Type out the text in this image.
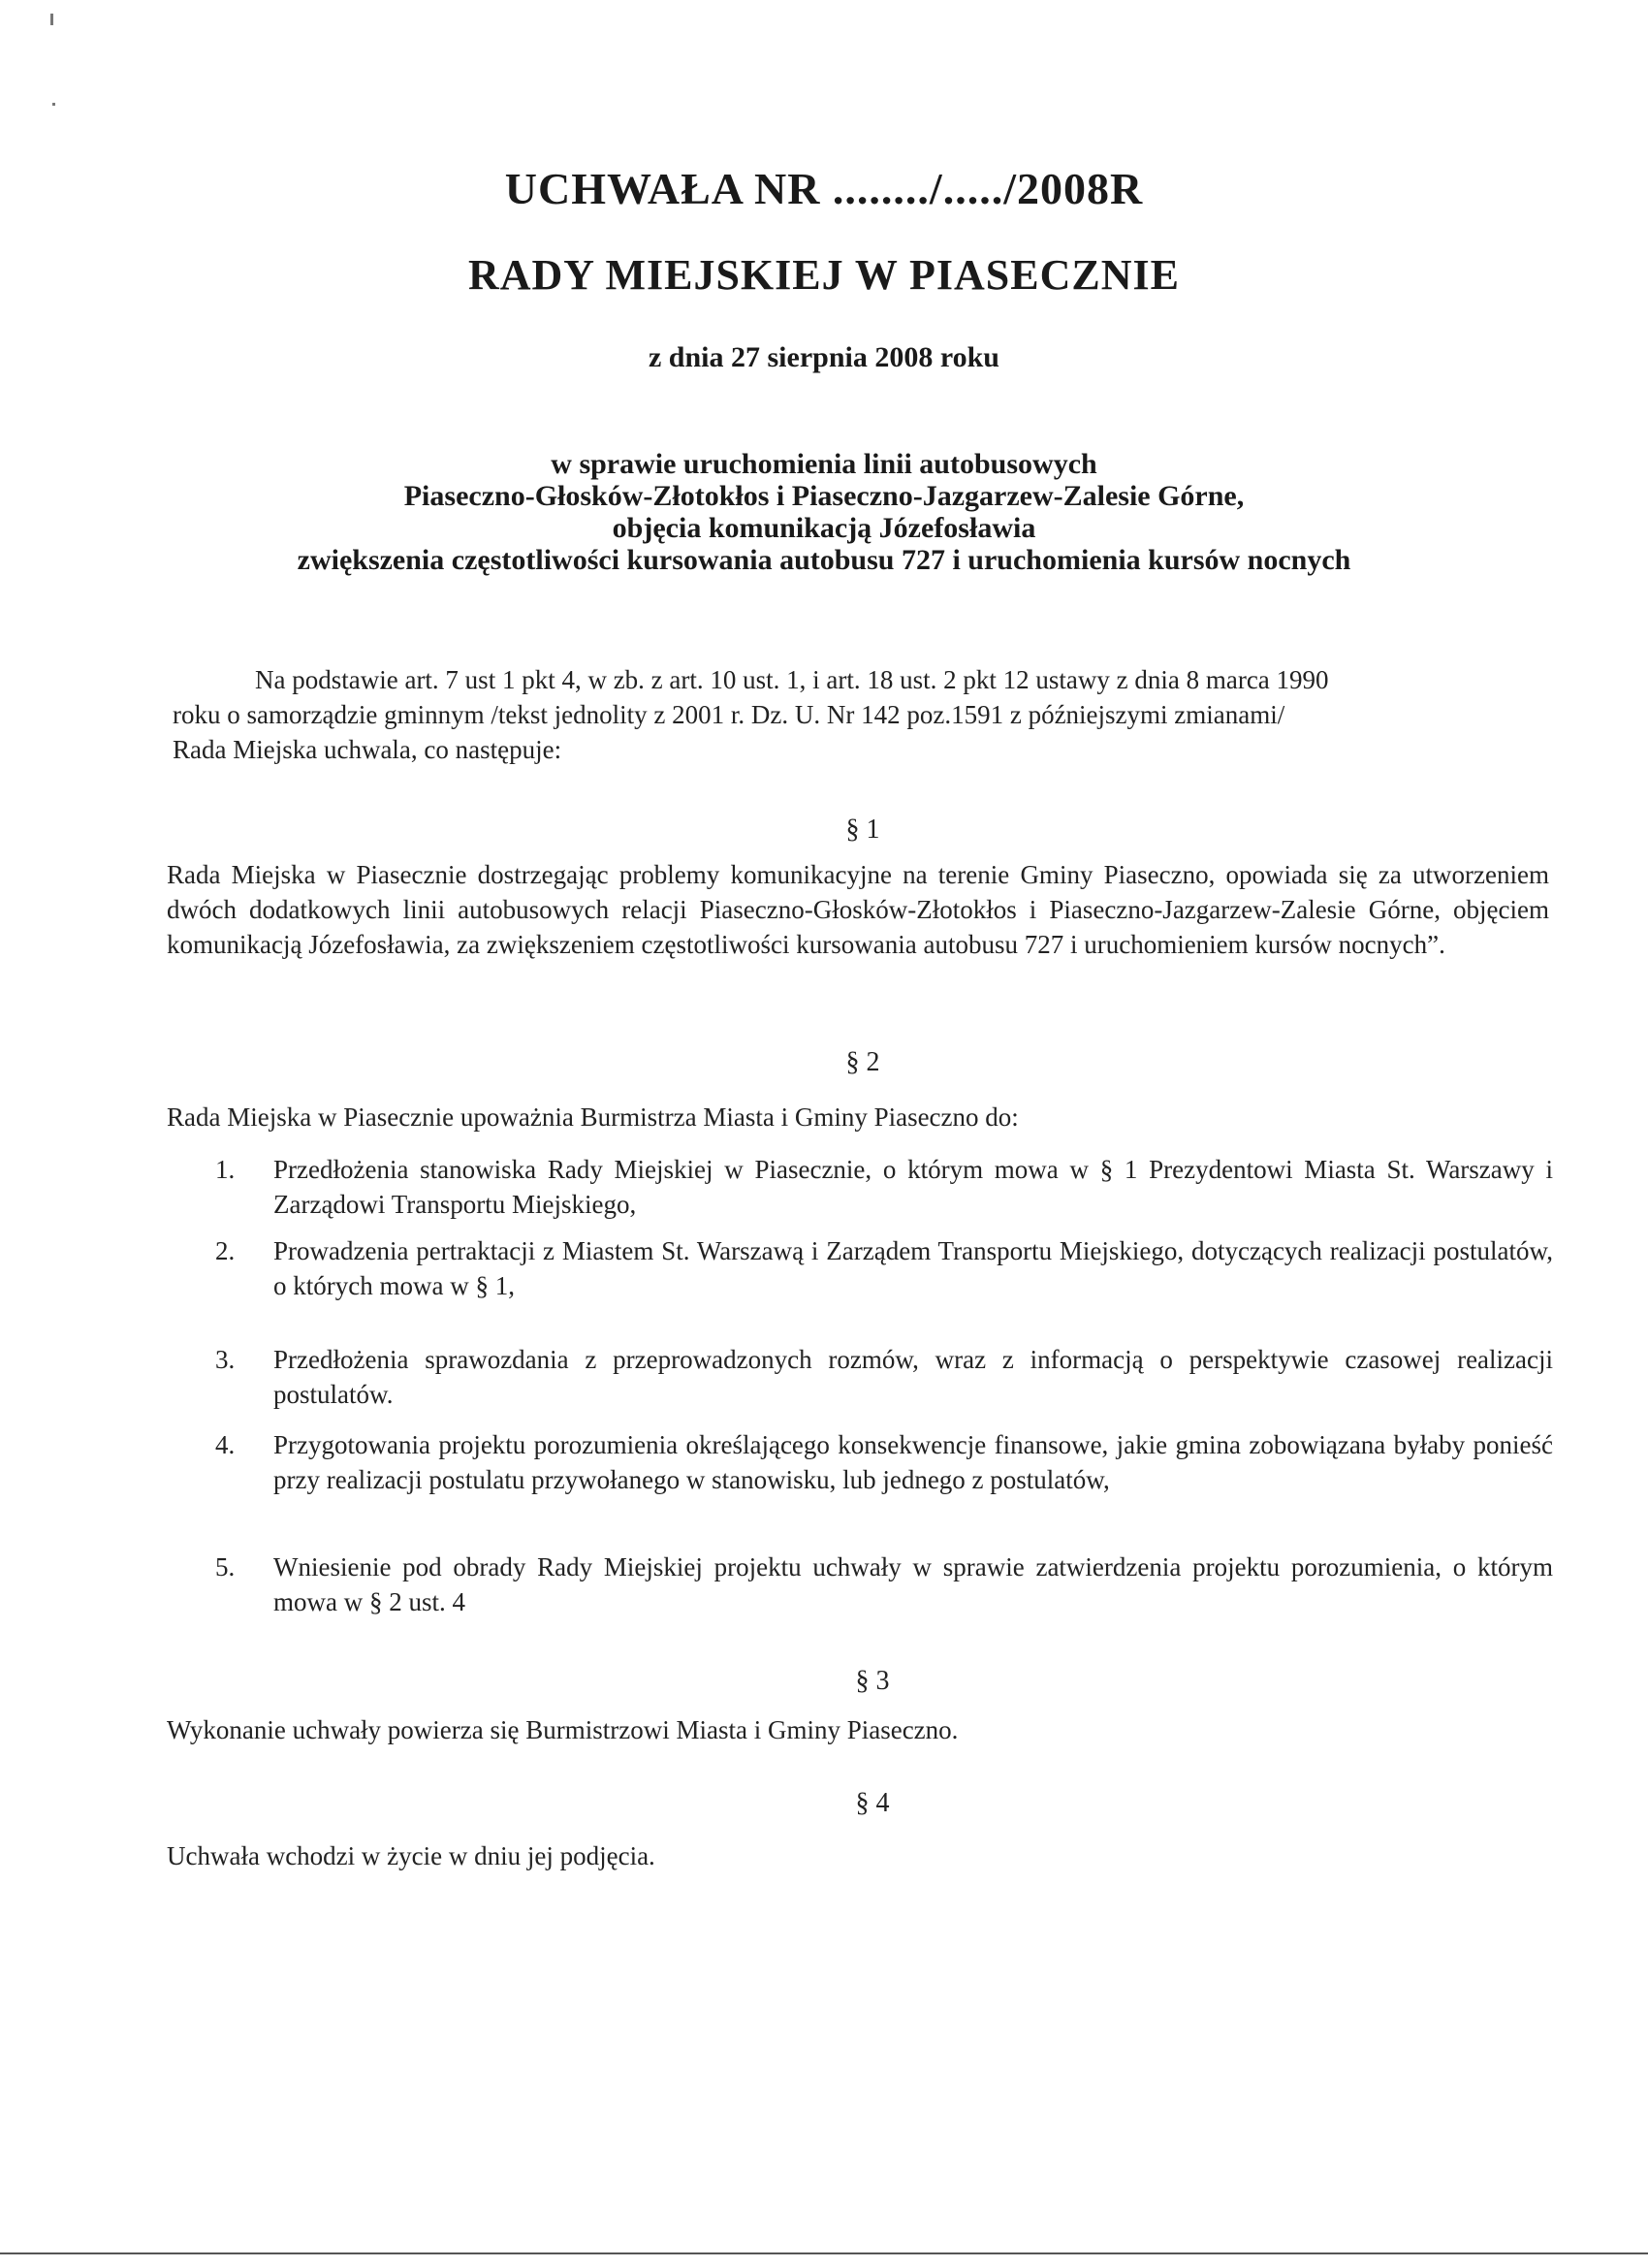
UCHWAŁA NR ......../...../2008R
RADY MIEJSKIEJ W PIASECZNIE
z dnia 27 sierpnia 2008 roku
w sprawie uruchomienia linii autobusowych
Piaseczno-Głosków-Złotokłos i Piaseczno-Jazgarzew-Zalesie Górne,
objęcia komunikacją Józefosławia
zwiększenia częstotliwości kursowania autobusu 727 i uruchomienia kursów nocnych
Na podstawie art. 7 ust 1 pkt 4, w zb. z art. 10 ust. 1, i art. 18 ust. 2 pkt 12 ustawy z dnia 8 marca 1990
roku o samorządzie gminnym /tekst jednolity z 2001 r. Dz. U. Nr 142 poz.1591 z późniejszymi zmianami/
Rada Miejska uchwala, co następuje:
§ 1
Rada Miejska w Piasecznie dostrzegając problemy komunikacyjne na terenie Gminy Piaseczno, opowiada się za utworzeniem dwóch dodatkowych linii autobusowych relacji Piaseczno-Głosków-Złotokłos i Piaseczno-Jazgarzew-Zalesie Górne, objęciem komunikacją Józefosławia, za zwiększeniem częstotliwości kursowania autobusu 727 i uruchomieniem kursów nocnych”.
§ 2
Rada Miejska w Piasecznie upoważnia Burmistrza Miasta i Gminy Piaseczno do:
1.	Przedłożenia stanowiska Rady Miejskiej w Piasecznie, o którym mowa w § 1 Prezydentowi Miasta St. Warszawy i Zarządowi Transportu Miejskiego,
2.	Prowadzenia pertraktacji z Miastem St. Warszawą i Zarządem Transportu Miejskiego, dotyczących realizacji postulatów, o których mowa w § 1,
3.	Przedłożenia sprawozdania z przeprowadzonych rozmów, wraz z informacją o perspektywie czasowej realizacji postulatów.
4.	Przygotowania projektu porozumienia określającego konsekwencje finansowe, jakie gmina zobowiązana byłaby ponieść przy realizacji postulatu przywołanego w stanowisku, lub jednego z postulatów,
5.	Wniesienie pod obrady Rady Miejskiej projektu uchwały w sprawie zatwierdzenia projektu porozumienia, o którym mowa w § 2 ust. 4
§ 3
Wykonanie uchwały powierza się Burmistrzowi Miasta i Gminy Piaseczno.
§ 4
Uchwała wchodzi w życie w dniu jej podjęcia.
